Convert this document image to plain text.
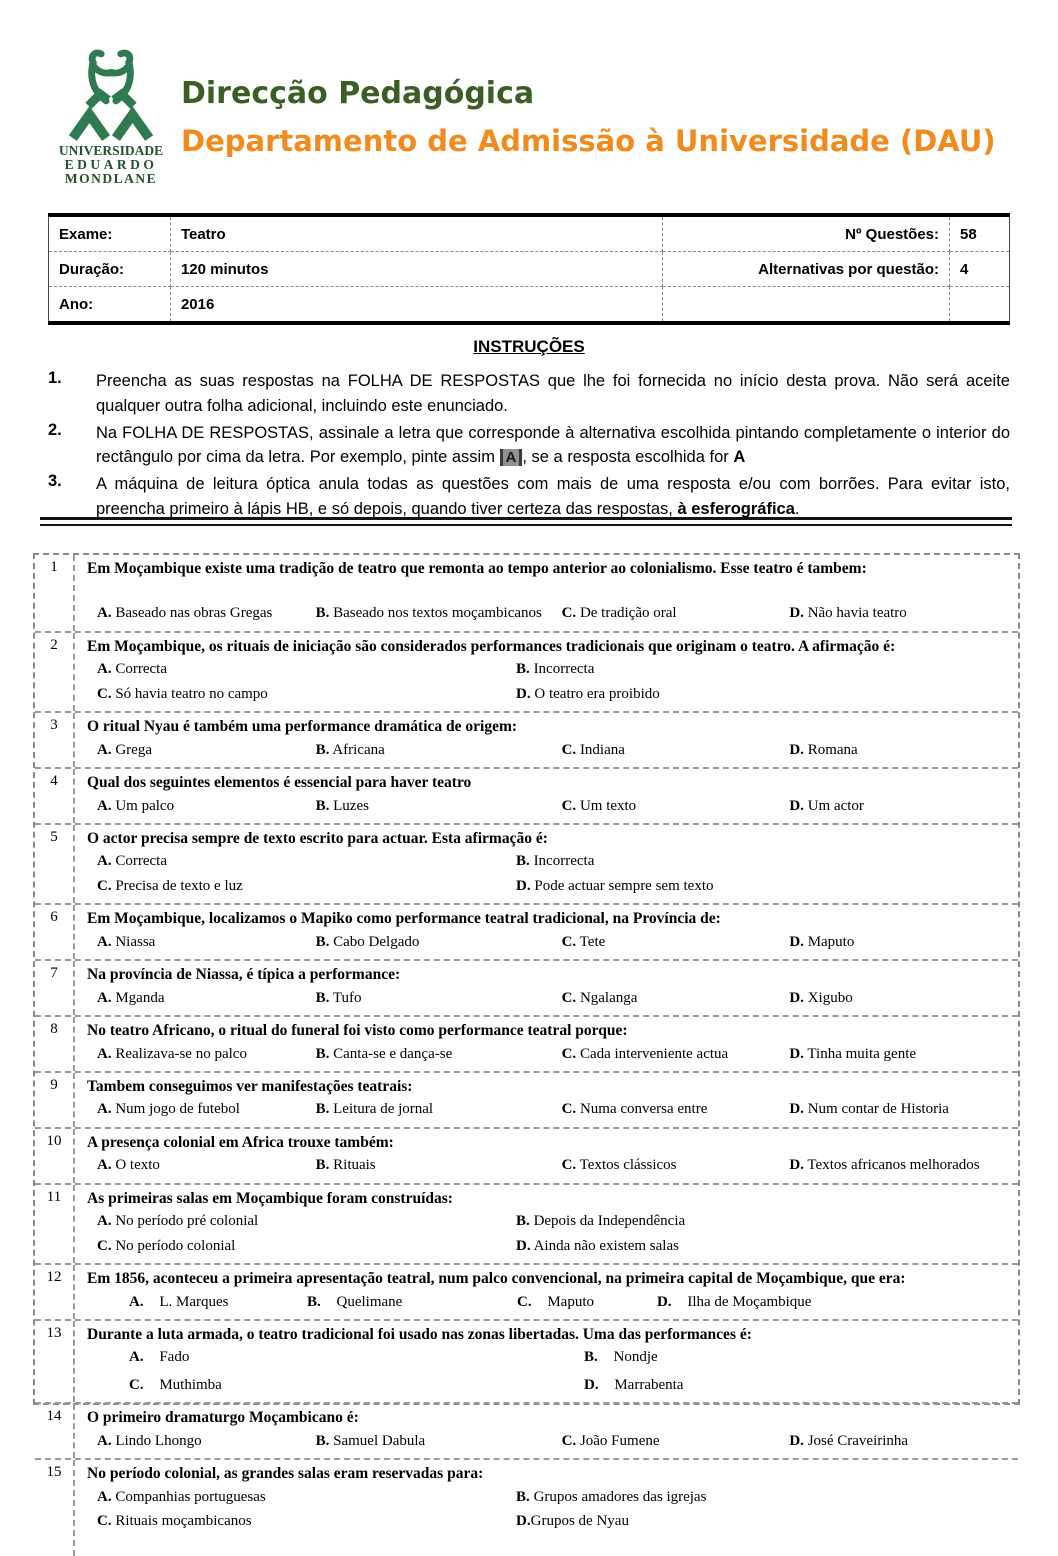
UNIVERSIDADE
EDUARDO
MONDLANE
Direcção Pedagógica
Departamento de Admissão à Universidade (DAU)
Exame:	Teatro	Nº Questões:	58
Duração:	120 minutos	Alternativas por questão:	4
Ano:	2016		
INSTRUÇÕES
1.	Preencha as suas respostas na FOLHA DE RESPOSTAS que lhe foi fornecida no início desta prova. Não será aceite qualquer outra folha adicional, incluindo este enunciado.
2.	Na FOLHA DE RESPOSTAS, assinale a letra que corresponde à alternativa escolhida pintando completamente o interior do rectângulo por cima da letra. Por exemplo, pinte assim A , se a resposta escolhida for A
3.	A máquina de leitura óptica anula todas as questões com mais de uma resposta e/ou com borrões. Para evitar isto, preencha primeiro à lápis HB, e só depois, quando tiver certeza das respostas, à esferográfica.
1	Em Moçambique existe uma tradição de teatro que remonta ao tempo anterior ao colonialismo. Esse teatro é tambem:
A. Baseado nas obras Gregas	B. Baseado nos textos moçambicanos	C. De tradição oral	D. Não havia teatro
2	Em Moçambique, os rituais de iniciação são considerados performances tradicionais que originam o teatro. A afirmação é:
A. Correcta	B. Incorrecta
C. Só havia teatro no campo	D. O teatro era proibido
3	O ritual Nyau é também uma performance dramática de origem:
A. Grega	B. Africana	C. Indiana	D. Romana
4	Qual dos seguintes elementos é essencial para haver teatro
A. Um palco	B. Luzes	C. Um texto	D. Um actor
5	O actor precisa sempre de texto escrito para actuar. Esta afirmação é:
A. Correcta	B. Incorrecta
C. Precisa de texto e luz	D. Pode actuar sempre sem texto
6	Em Moçambique, localizamos o Mapiko como performance teatral tradicional, na Província de:
A. Niassa	B. Cabo Delgado	C. Tete	D. Maputo
7	Na província de Niassa, é típica a performance:
A. Mganda	B. Tufo	C. Ngalanga	D. Xigubo
8	No teatro Africano, o ritual do funeral foi visto como performance teatral porque:
A. Realizava-se no palco	B. Canta-se e dança-se	C. Cada interveniente actua	D. Tinha muita gente
9	Tambem conseguimos ver manifestações teatrais:
A. Num jogo de futebol	B. Leitura de jornal	C. Numa conversa entre	D. Num contar de Historia
10	A presença colonial em Africa trouxe também:
A. O texto	B. Rituais	C. Textos clássicos	D. Textos africanos melhorados
11	As primeiras salas em Moçambique foram construídas:
A. No período pré colonial	B. Depois da Independência
C. No período colonial	D. Ainda não existem salas
12	Em 1856, aconteceu a primeira apresentação teatral, num palco convencional, na primeira capital de Moçambique, que era:
A. L. Marques	B. Quelimane	C. Maputo	D. Ilha de Moçambique
13	Durante a luta armada, o teatro tradicional foi usado nas zonas libertadas. Uma das performances é:
A. Fado	B. Nondje
C. Muthimba	D. Marrabenta
14	O primeiro dramaturgo Moçambicano é:
A. Lindo Lhongo	B. Samuel Dabula	C. João Fumene	D. José Craveirinha
15	No período colonial, as grandes salas eram reservadas para:
A. Companhias portuguesas	B. Grupos amadores das igrejas
C. Rituais moçambicanos	D.Grupos de Nyau
